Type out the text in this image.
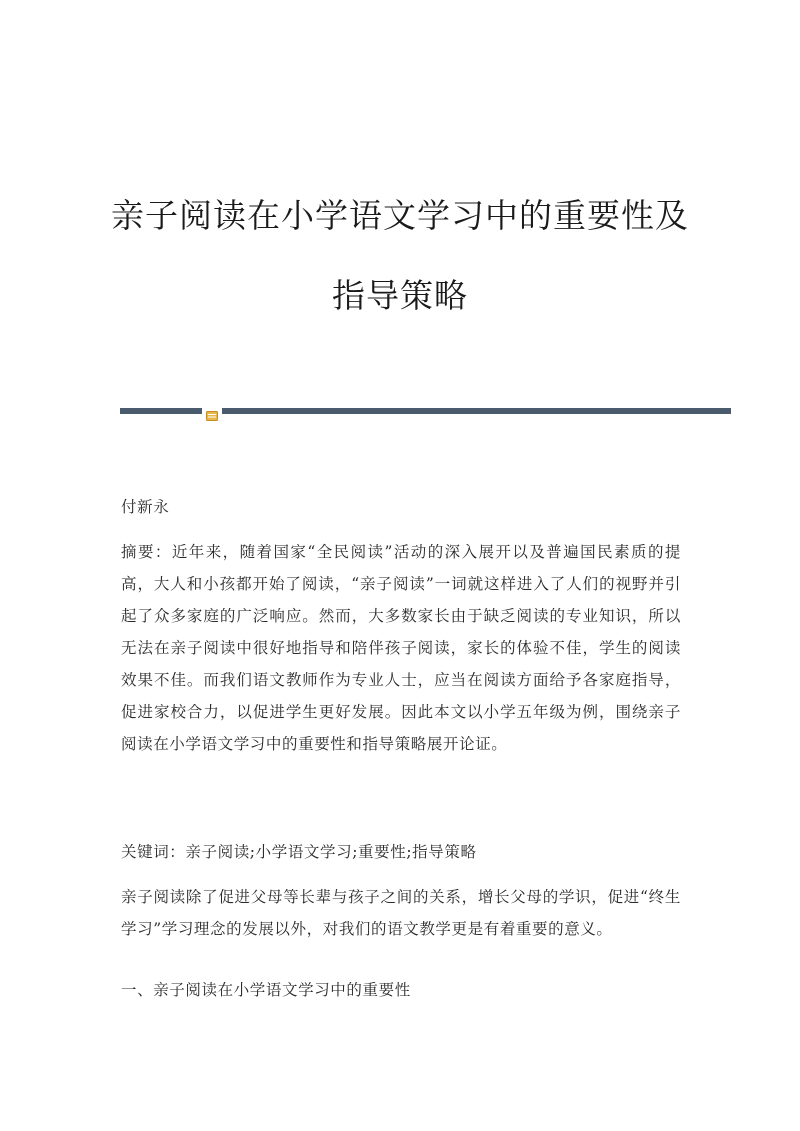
亲子阅读在小学语文学习中的重要性及
指导策略

付新永

摘要：近年来，随着国家“全民阅读”活动的深入展开以及普遍国民素质的提高，大人和小孩都开始了阅读，“亲子阅读”一词就这样进入了人们的视野并引起了众多家庭的广泛响应。然而，大多数家长由于缺乏阅读的专业知识，所以无法在亲子阅读中很好地指导和陪伴孩子阅读，家长的体验不佳，学生的阅读效果不佳。而我们语文教师作为专业人士，应当在阅读方面给予各家庭指导，促进家校合力，以促进学生更好发展。因此本文以小学五年级为例，围绕亲子阅读在小学语文学习中的重要性和指导策略展开论证。

关键词：亲子阅读;小学语文学习;重要性;指导策略

亲子阅读除了促进父母等长辈与孩子之间的关系，增长父母的学识，促进“终生学习”学习理念的发展以外，对我们的语文教学更是有着重要的意义。

一、亲子阅读在小学语文学习中的重要性
